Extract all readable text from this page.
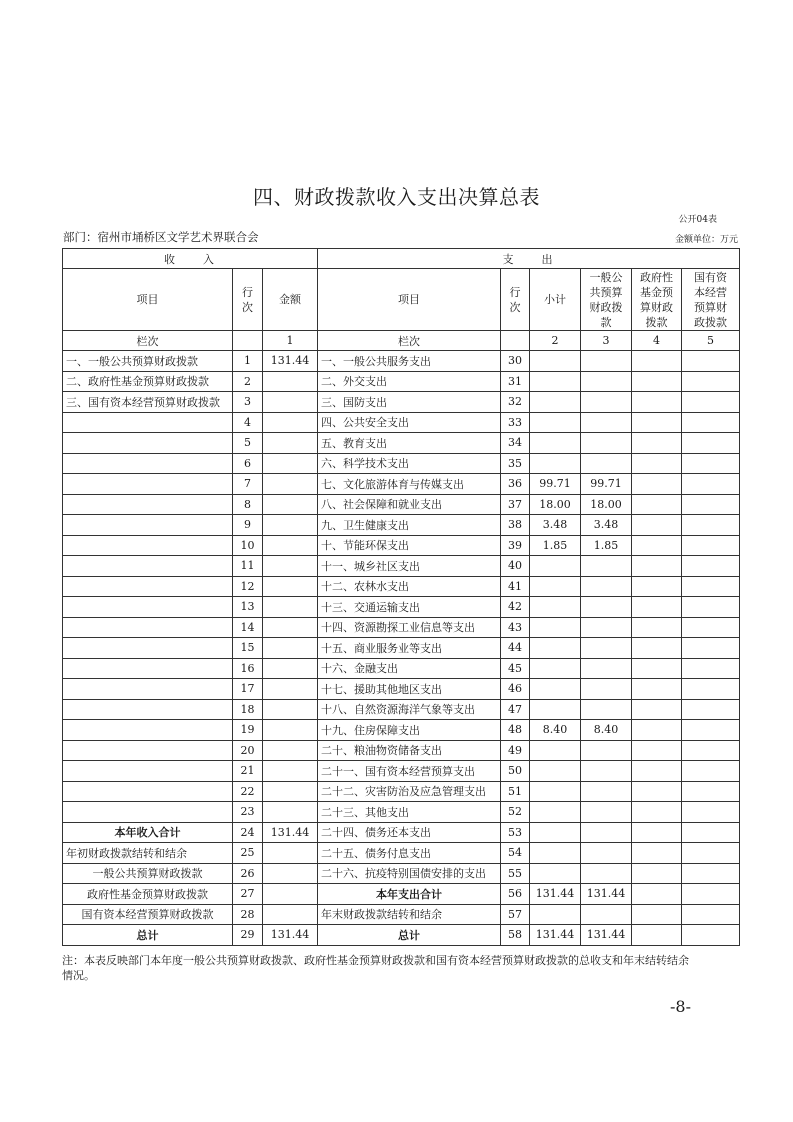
四、财政拨款收入支出决算总表
公开04表
部门：宿州市埇桥区文学艺术界联合会	金额单位：万元
收　　入			支　　出					
项目	行次	金额	项目	行次	小计	一般公共预算财政拨款	政府性基金预算财政拨款	国有资本经营预算财政拨款
栏次		1	栏次		2	3	4	5
一、一般公共预算财政拨款	1	131.44	一、一般公共服务支出	30				
二、政府性基金预算财政拨款	2		二、外交支出	31				
三、国有资本经营预算财政拨款	3		三、国防支出	32				
	4		四、公共安全支出	33				
	5		五、教育支出	34				
	6		六、科学技术支出	35				
	7		七、文化旅游体育与传媒支出	36	99.71	99.71		
	8		八、社会保障和就业支出	37	18.00	18.00		
	9		九、卫生健康支出	38	3.48	3.48		
	10		十、节能环保支出	39	1.85	1.85		
	11		十一、城乡社区支出	40				
	12		十二、农林水支出	41				
	13		十三、交通运输支出	42				
	14		十四、资源勘探工业信息等支出	43				
	15		十五、商业服务业等支出	44				
	16		十六、金融支出	45				
	17		十七、援助其他地区支出	46				
	18		十八、自然资源海洋气象等支出	47				
	19		十九、住房保障支出	48	8.40	8.40		
	20		二十、粮油物资储备支出	49				
	21		二十一、国有资本经营预算支出	50				
	22		二十二、灾害防治及应急管理支出	51				
	23		二十三、其他支出	52				
本年收入合计	24	131.44	二十四、债务还本支出	53				
年初财政拨款结转和结余	25		二十五、债务付息支出	54				
一般公共预算财政拨款	26		二十六、抗疫特别国债安排的支出	55				
政府性基金预算财政拨款	27		本年支出合计	56	131.44	131.44		
国有资本经营预算财政拨款	28		年末财政拨款结转和结余	57				
总计	29	131.44	总计	58	131.44	131.44		
注：本表反映部门本年度一般公共预算财政拨款、政府性基金预算财政拨款和国有资本经营预算财政拨款的总收支和年末结转结余
情况。
-8-
